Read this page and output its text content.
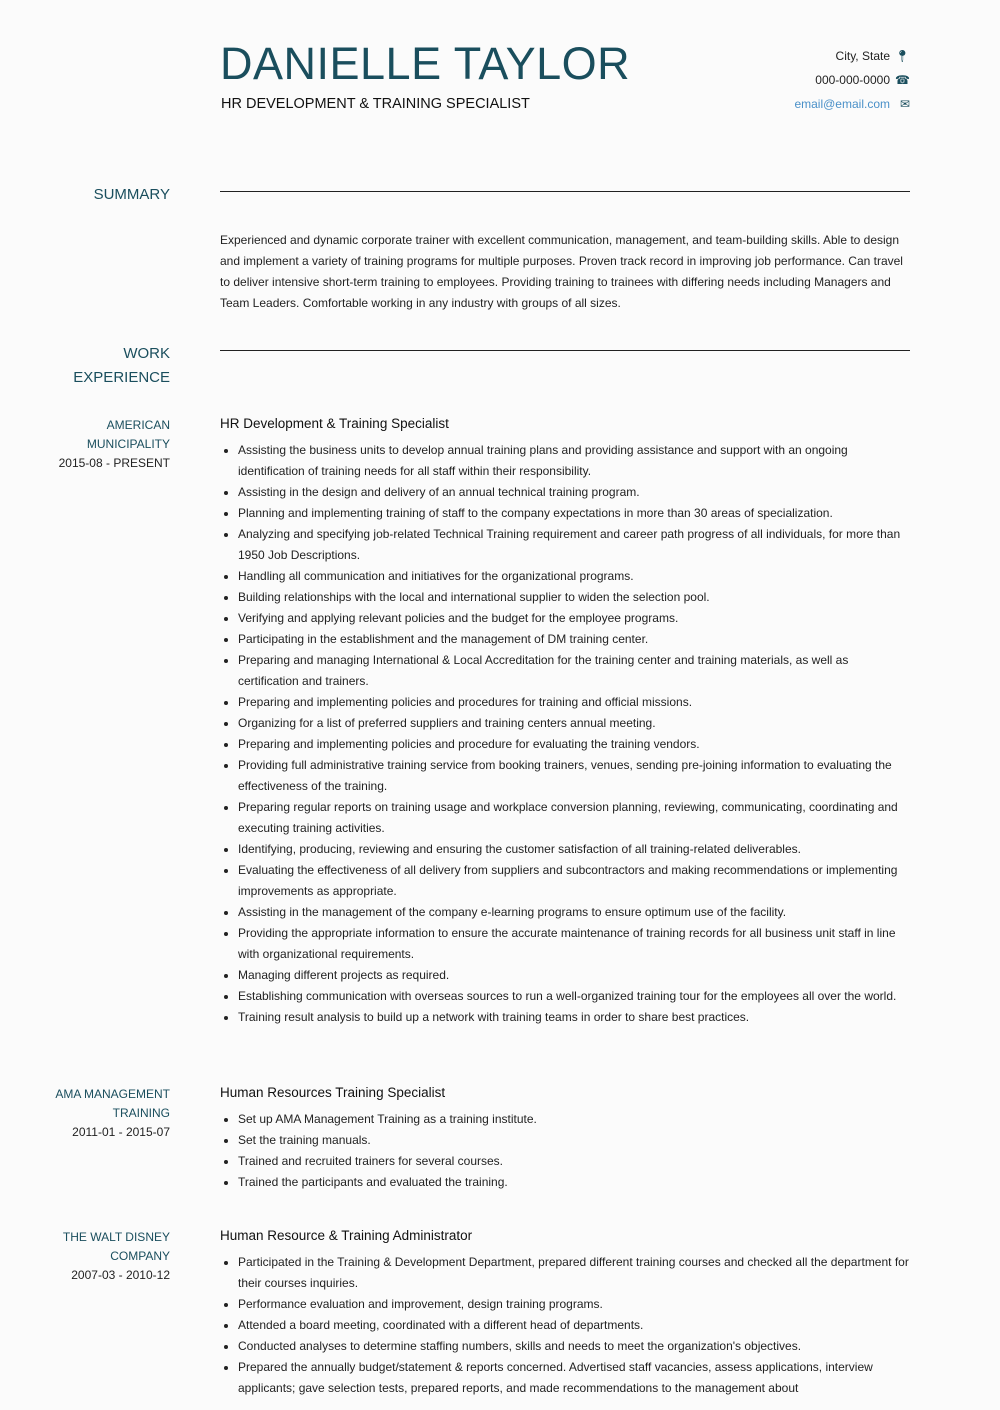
DANIELLE TAYLOR
HR DEVELOPMENT & TRAINING SPECIALIST
City, State 📍︎
000-000-0000 ☎︎
email@email.com ✉︎
SUMMARY
Experienced and dynamic corporate trainer with excellent communication, management, and team-building skills. Able to design and implement a variety of training programs for multiple purposes. Proven track record in improving job performance. Can travel to deliver intensive short-term training to employees. Providing training to trainees with differing needs including Managers and Team Leaders. Comfortable working in any industry with groups of all sizes.
WORK
EXPERIENCE
AMERICAN
MUNICIPALITY
2015-08 - PRESENT
HR Development & Training Specialist
• Assisting the business units to develop annual training plans and providing assistance and support with an ongoing identification of training needs for all staff within their responsibility.
• Assisting in the design and delivery of an annual technical training program.
• Planning and implementing training of staff to the company expectations in more than 30 areas of specialization.
• Analyzing and specifying job-related Technical Training requirement and career path progress of all individuals, for more than 1950 Job Descriptions.
• Handling all communication and initiatives for the organizational programs.
• Building relationships with the local and international supplier to widen the selection pool.
• Verifying and applying relevant policies and the budget for the employee programs.
• Participating in the establishment and the management of DM training center.
• Preparing and managing International & Local Accreditation for the training center and training materials, as well as certification and trainers.
• Preparing and implementing policies and procedures for training and official missions.
• Organizing for a list of preferred suppliers and training centers annual meeting.
• Preparing and implementing policies and procedure for evaluating the training vendors.
• Providing full administrative training service from booking trainers, venues, sending pre-joining information to evaluating the effectiveness of the training.
• Preparing regular reports on training usage and workplace conversion planning, reviewing, communicating, coordinating and executing training activities.
• Identifying, producing, reviewing and ensuring the customer satisfaction of all training-related deliverables.
• Evaluating the effectiveness of all delivery from suppliers and subcontractors and making recommendations or implementing improvements as appropriate.
• Assisting in the management of the company e-learning programs to ensure optimum use of the facility.
• Providing the appropriate information to ensure the accurate maintenance of training records for all business unit staff in line with organizational requirements.
• Managing different projects as required.
• Establishing communication with overseas sources to run a well-organized training tour for the employees all over the world.
• Training result analysis to build up a network with training teams in order to share best practices.
AMA MANAGEMENT
TRAINING
2011-01 - 2015-07
Human Resources Training Specialist
• Set up AMA Management Training as a training institute.
• Set the training manuals.
• Trained and recruited trainers for several courses.
• Trained the participants and evaluated the training.
THE WALT DISNEY
COMPANY
2007-03 - 2010-12
Human Resource & Training Administrator
• Participated in the Training & Development Department, prepared different training courses and checked all the department for their courses inquiries.
• Performance evaluation and improvement, design training programs.
• Attended a board meeting, coordinated with a different head of departments.
• Conducted analyses to determine staffing numbers, skills and needs to meet the organization's objectives.
• Prepared the annually budget/statement & reports concerned. Advertised staff vacancies, assess applications, interview applicants; gave selection tests, prepared reports, and made recommendations to the management about
